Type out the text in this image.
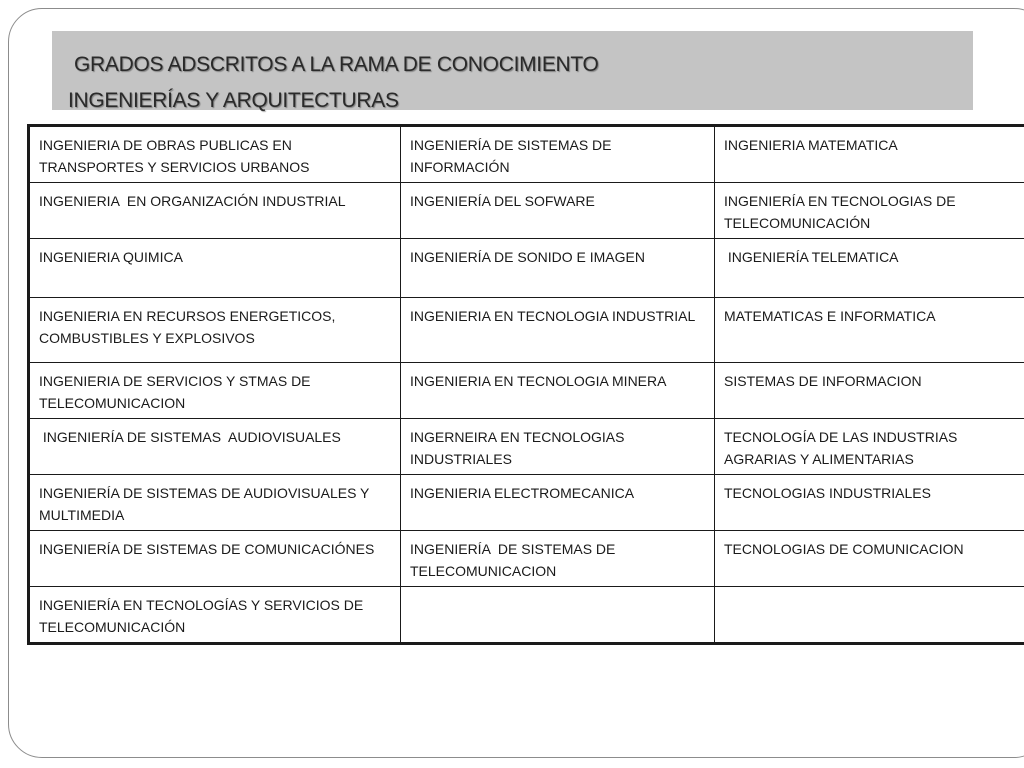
GRADOS ADSCRITOS A LA RAMA DE CONOCIMIENTO
INGENIERÍAS Y ARQUITECTURAS
INGENIERIA DE OBRAS PUBLICAS EN TRANSPORTES Y SERVICIOS URBANOS	INGENIERÍA DE SISTEMAS DE INFORMACIÓN	INGENIERIA MATEMATICA
INGENIERIA  EN ORGANIZACIÓN INDUSTRIAL	INGENIERÍA DEL SOFWARE	INGENIERÍA EN TECNOLOGIAS DE TELECOMUNICACIÓN
INGENIERIA QUIMICA	INGENIERÍA DE SONIDO E IMAGEN	INGENIERÍA TELEMATICA
INGENIERIA EN RECURSOS ENERGETICOS, COMBUSTIBLES Y EXPLOSIVOS	INGENIERIA EN TECNOLOGIA INDUSTRIAL	MATEMATICAS E INFORMATICA
INGENIERIA DE SERVICIOS Y STMAS DE TELECOMUNICACION	INGENIERIA EN TECNOLOGIA MINERA	SISTEMAS DE INFORMACION
INGENIERÍA DE SISTEMAS  AUDIOVISUALES	INGERNEIRA EN TECNOLOGIAS INDUSTRIALES	TECNOLOGÍA DE LAS INDUSTRIAS AGRARIAS Y ALIMENTARIAS
INGENIERÍA DE SISTEMAS DE AUDIOVISUALES Y MULTIMEDIA	INGENIERIA ELECTROMECANICA	TECNOLOGIAS INDUSTRIALES
INGENIERÍA DE SISTEMAS DE COMUNICACIÓNES	INGENIERÍA  DE SISTEMAS DE TELECOMUNICACION	TECNOLOGIAS DE COMUNICACION
INGENIERÍA EN TECNOLOGÍAS Y SERVICIOS DE TELECOMUNICACIÓN		
